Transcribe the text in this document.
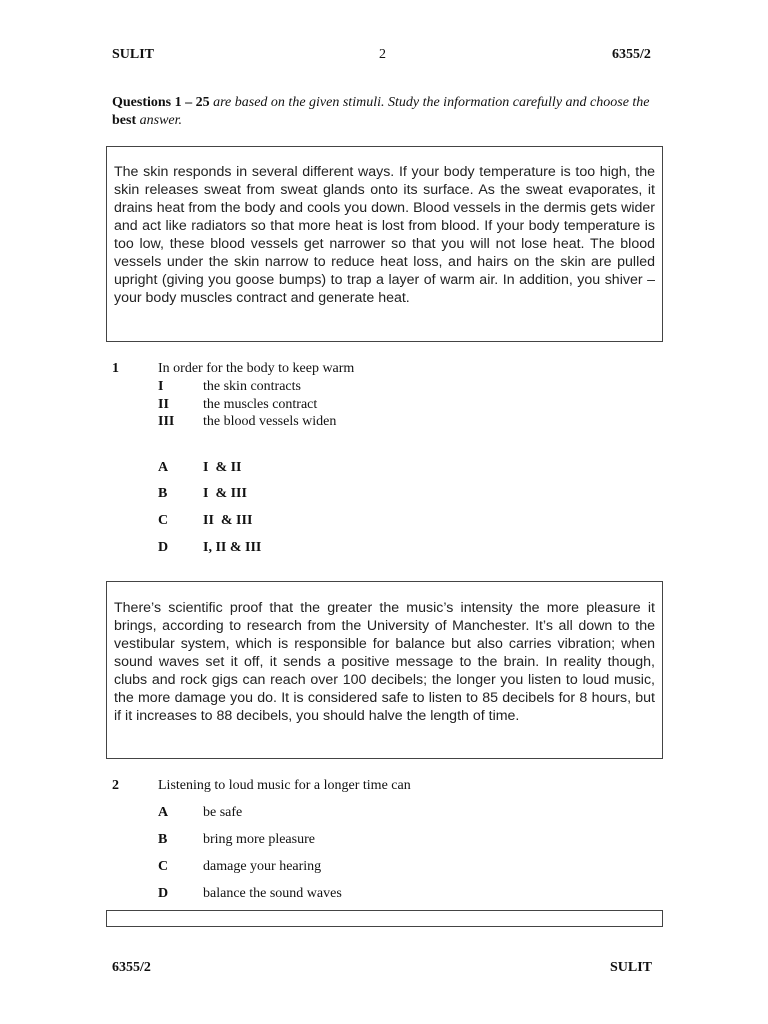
SULIT	2	6355/2
Questions 1 – 25 are based on the given stimuli. Study the information carefully and choose the best answer.
The skin responds in several different ways. If your body temperature is too high, the skin releases sweat from sweat glands onto its surface. As the sweat evaporates, it drains heat from the body and cools you down. Blood vessels in the dermis gets wider and act like radiators so that more heat is lost from blood. If your body temperature is too low, these blood vessels get narrower so that you will not lose heat. The blood vessels under the skin narrow to reduce heat loss, and hairs on the skin are pulled upright (giving you goose bumps) to trap a layer of warm air. In addition, you shiver – your body muscles contract and generate heat.
1	In order for the body to keep warm
I	the skin contracts
II the muscles contract
III the blood vessels widen
A I  & II
B	I  & III
C II  & III
D I, II & III
There’s scientific proof that the greater the music’s intensity the more pleasure it brings, according to research from the University of Manchester. It’s all down to the vestibular system, which is responsible for balance but also carries vibration; when sound waves set it off, it sends a positive message to the brain. In reality though, clubs and rock gigs can reach over 100 decibels; the longer you listen to loud music, the more damage you do. It is considered safe to listen to 85 decibels for 8 hours, but if it increases to 88 decibels, you should halve the length of time.
2	Listening to loud music for a longer time can
A be safe
B	bring more pleasure
C damage your hearing
D balance the sound waves
6355/2	SULIT
